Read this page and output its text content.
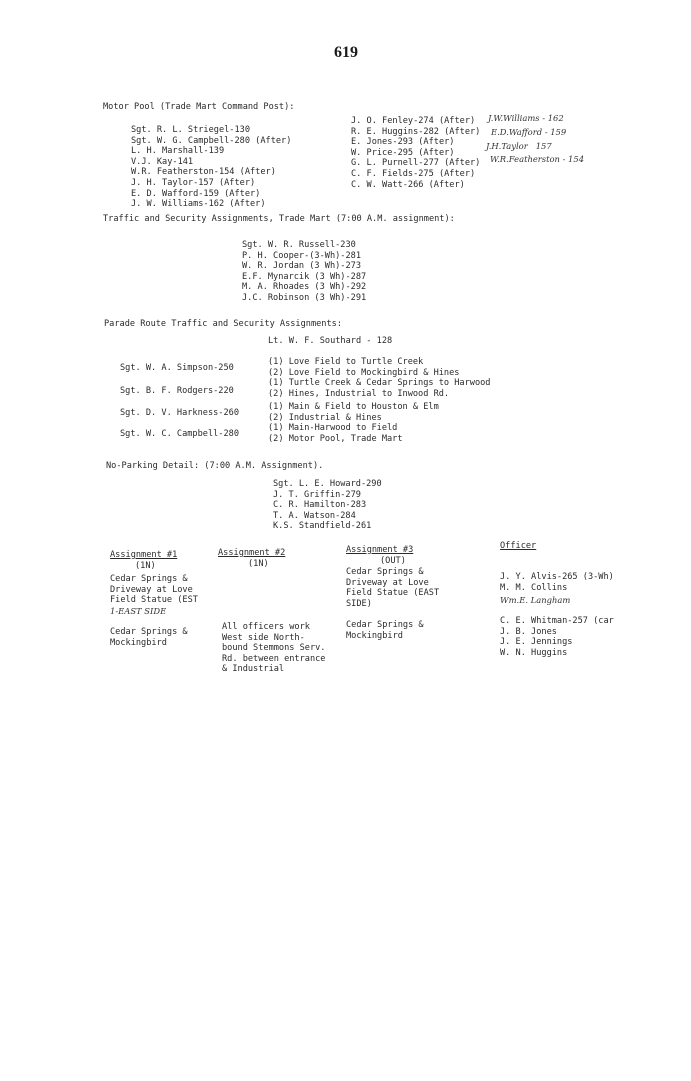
619
Motor Pool (Trade Mart Command Post):
Sgt. R. L. Striegel-130
Sgt. W. G. Campbell-280 (After)
L. H. Marshall-139
V.J. Kay-141
W.R. Featherston-154 (After)
J. H. Taylor-157 (After)
E. D. Wafford-159 (After)
J. W. Williams-162 (After)
J. O. Fenley-274 (After)
R. E. Huggins-282 (After)
E. Jones-293 (After)
W. Price-295 (After)
G. L. Purnell-277 (After)
C. F. Fields-275 (After)
C. W. Watt-266 (After)
J.W.Williams - 162
E.D.Wafford - 159
J.H.Taylor   157
W.R.Featherston - 154
Traffic and Security Assignments, Trade Mart (7:00 A.M. assignment):
Sgt. W. R. Russell-230
P. H. Cooper-(3-Wh)-281
W. R. Jordan (3 Wh)-273
E.F. Mynarcik (3 Wh)-287
M. A. Rhoades (3 Wh)-292
J.C. Robinson (3 Wh)-291
Parade Route Traffic and Security Assignments:
Lt. W. F. Southard - 128
Sgt. W. A. Simpson-250
(1) Love Field to Turtle Creek
(2) Love Field to Mockingbird & Hines
Sgt. B. F. Rodgers-220
(1) Turtle Creek & Cedar Springs to Harwood
(2) Hines, Industrial to Inwood Rd.
Sgt. D. V. Harkness-260
(1) Main & Field to Houston & Elm
(2) Industrial & Hines
Sgt. W. C. Campbell-280
(1) Main-Harwood to Field
(2) Motor Pool, Trade Mart
No-Parking Detail: (7:00 A.M. Assignment).
Sgt. L. E. Howard-290
J. T. Griffin-279
C. R. Hamilton-283
T. A. Watson-284
K.S. Standfield-261
Assignment #1
(1N)
Cedar Springs &
Driveway at Love
Field Statue (EST
1-EAST SIDE
Cedar Springs &
Mockingbird
Assignment #2
(1N)
All officers work
West side North-
bound Stemmons Serv.
Rd. between entrance
& Industrial
Assignment #3
(OUT)
Cedar Springs &
Driveway at Love
Field Statue (EAST
SIDE)
Cedar Springs &
Mockingbird
Officer
J. Y. Alvis-265 (3-Wh)
M. M. Collins
Wm.E. Langham
C. E. Whitman-257 (car
J. B. Jones
J. E. Jennings
W. N. Huggins
